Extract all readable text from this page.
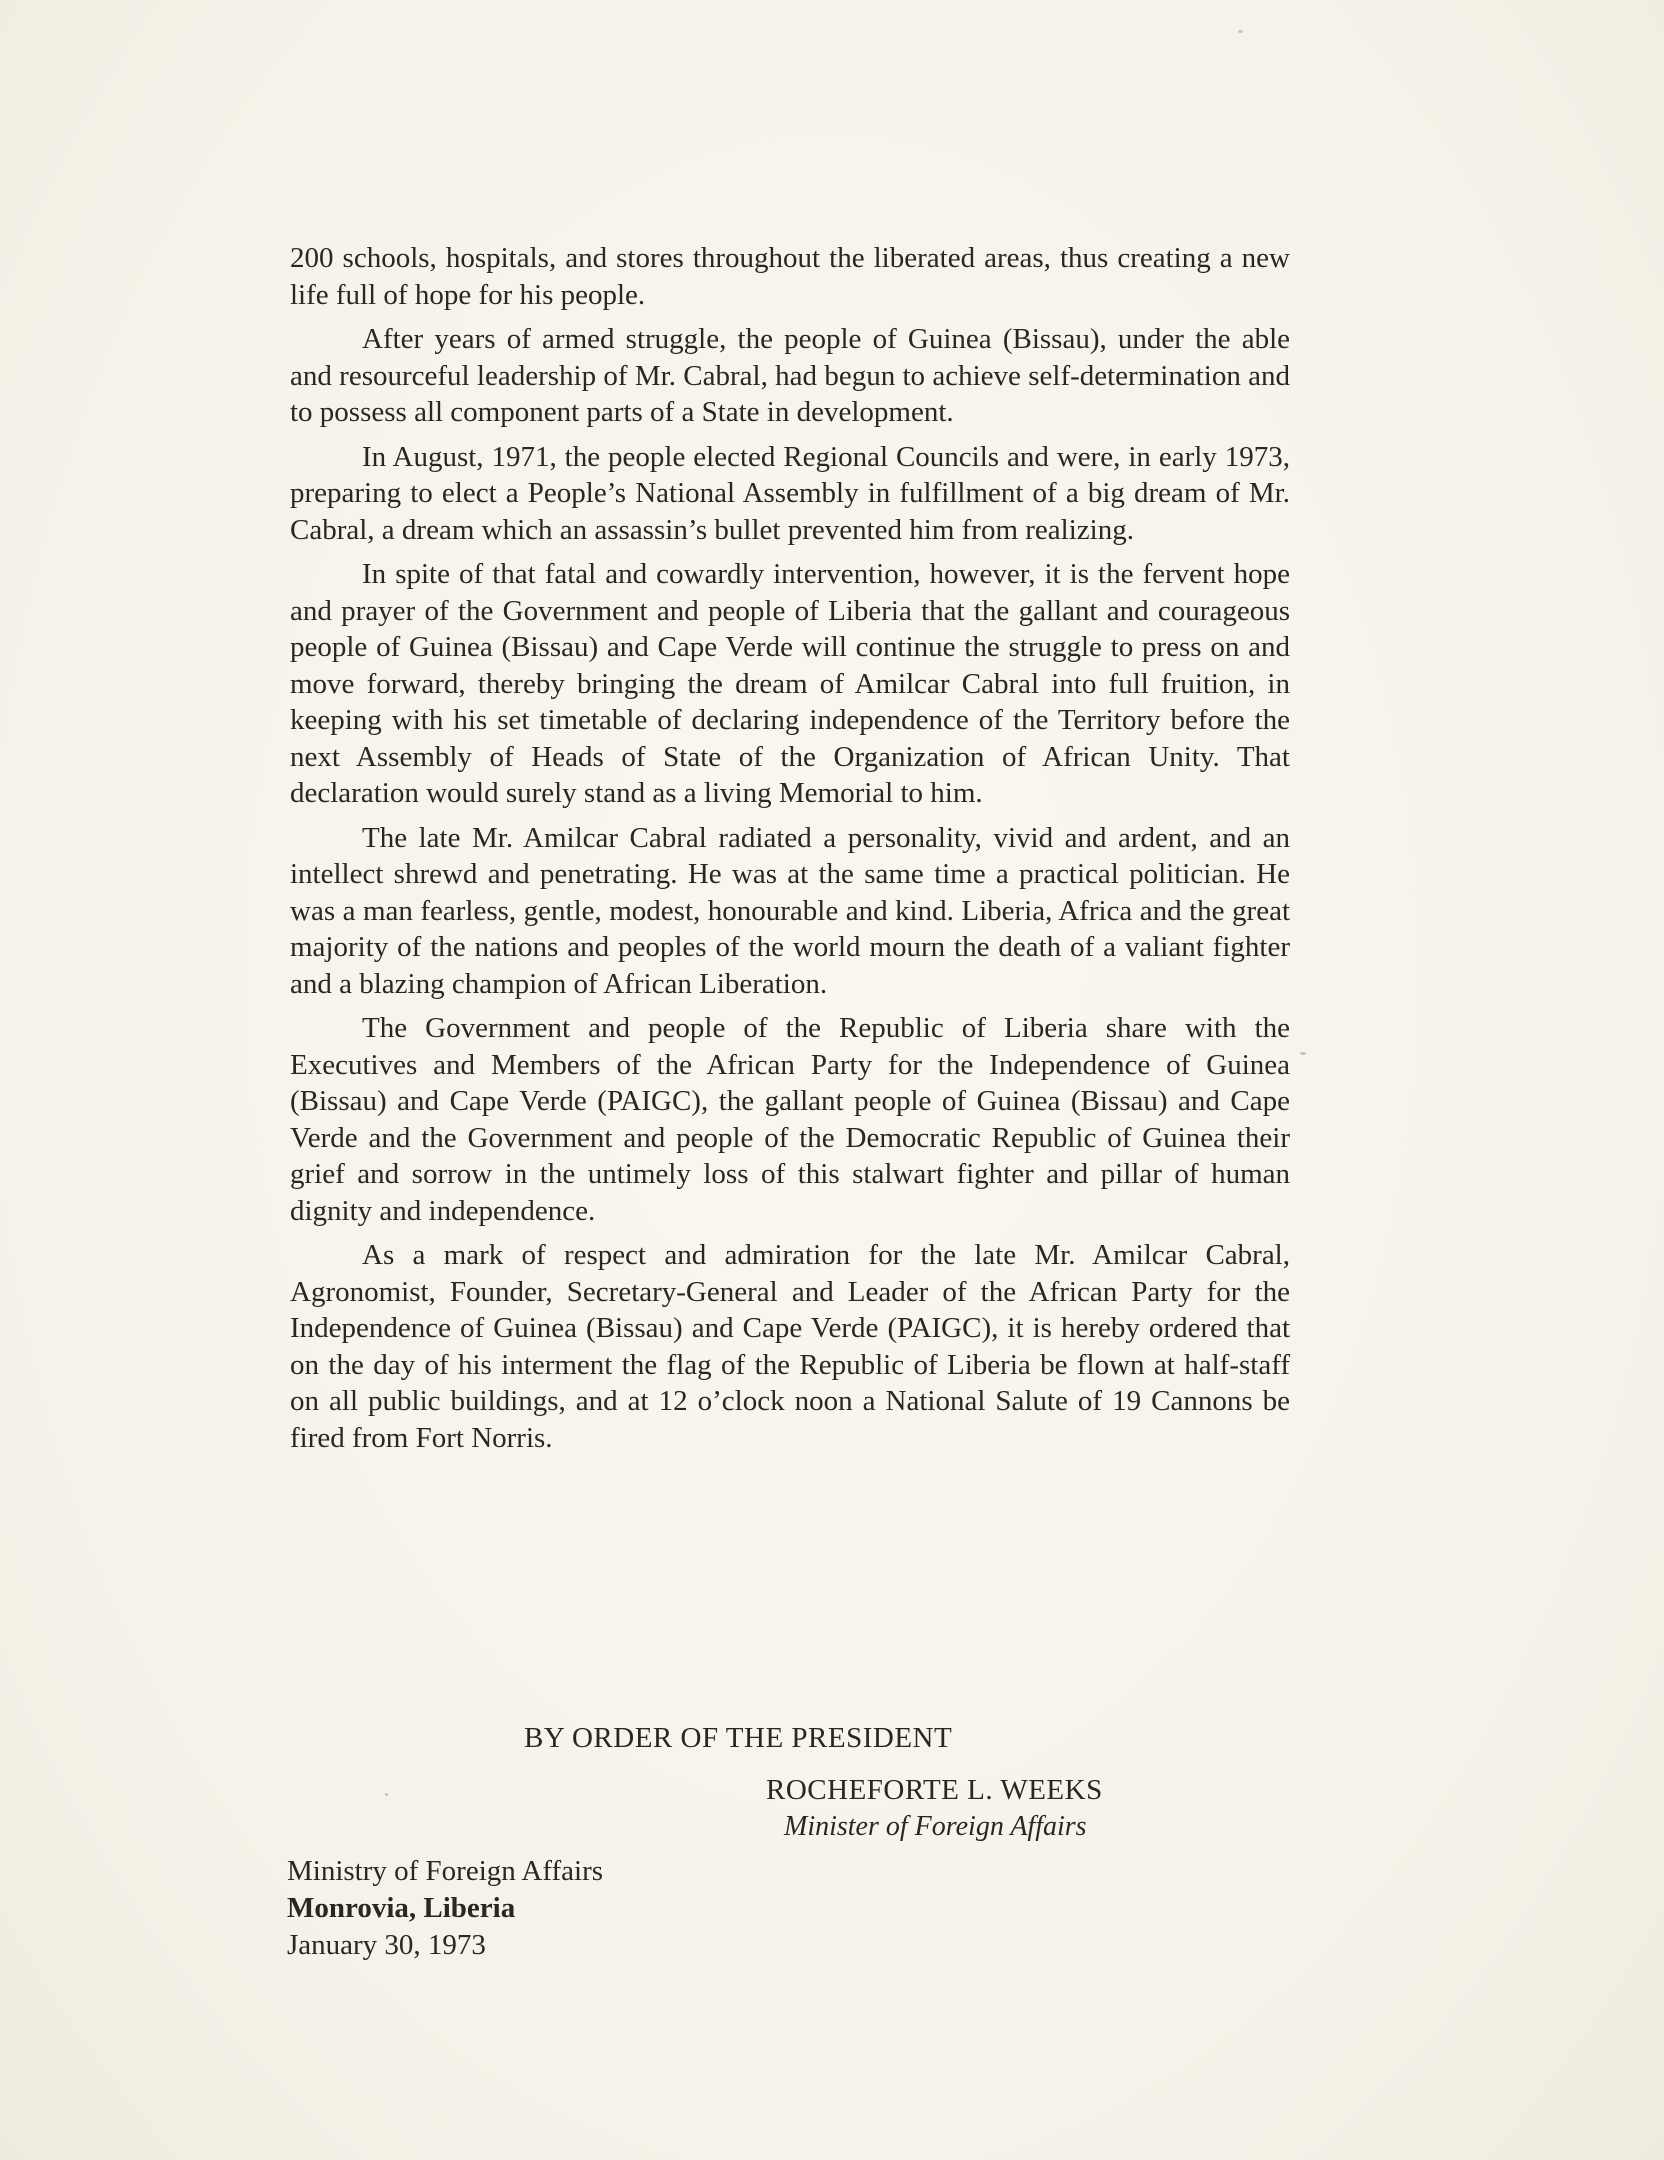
200 schools, hospitals, and stores throughout the liberated areas, thus creating a new life full of hope for his people.

After years of armed struggle, the people of Guinea (Bissau), under the able and resourceful leadership of Mr. Cabral, had begun to achieve self-determination and to possess all component parts of a State in development.

In August, 1971, the people elected Regional Councils and were, in early 1973, preparing to elect a People’s National Assembly in fulfillment of a big dream of Mr. Cabral, a dream which an assassin’s bullet prevented him from realizing.

In spite of that fatal and cowardly intervention, however, it is the fervent hope and prayer of the Government and people of Liberia that the gallant and courageous people of Guinea (Bissau) and Cape Verde will continue the struggle to press on and move forward, thereby bringing the dream of Amilcar Cabral into full fruition, in keeping with his set timetable of declaring independence of the Territory before the next Assembly of Heads of State of the Organization of African Unity. That declaration would surely stand as a living Memorial to him.

The late Mr. Amilcar Cabral radiated a personality, vivid and ardent, and an intellect shrewd and penetrating. He was at the same time a practical politician. He was a man fearless, gentle, modest, honourable and kind. Liberia, Africa and the great majority of the nations and peoples of the world mourn the death of a valiant fighter and a blazing champion of African Liberation.

The Government and people of the Republic of Liberia share with the Executives and Members of the African Party for the Independence of Guinea (Bissau) and Cape Verde (PAIGC), the gallant people of Guinea (Bissau) and Cape Verde and the Government and people of the Democratic Republic of Guinea their grief and sorrow in the untimely loss of this stalwart fighter and pillar of human dignity and independence.

As a mark of respect and admiration for the late Mr. Amilcar Cabral, Agronomist, Founder, Secretary-General and Leader of the African Party for the Independence of Guinea (Bissau) and Cape Verde (PAIGC), it is hereby ordered that on the day of his interment the flag of the Republic of Liberia be flown at half-staff on all public buildings, and at 12 o’clock noon a National Salute of 19 Cannons be fired from Fort Norris.

BY ORDER OF THE PRESIDENT
ROCHEFORTE L. WEEKS
Minister of Foreign Affairs
Ministry of Foreign Affairs
Monrovia, Liberia
January 30, 1973
